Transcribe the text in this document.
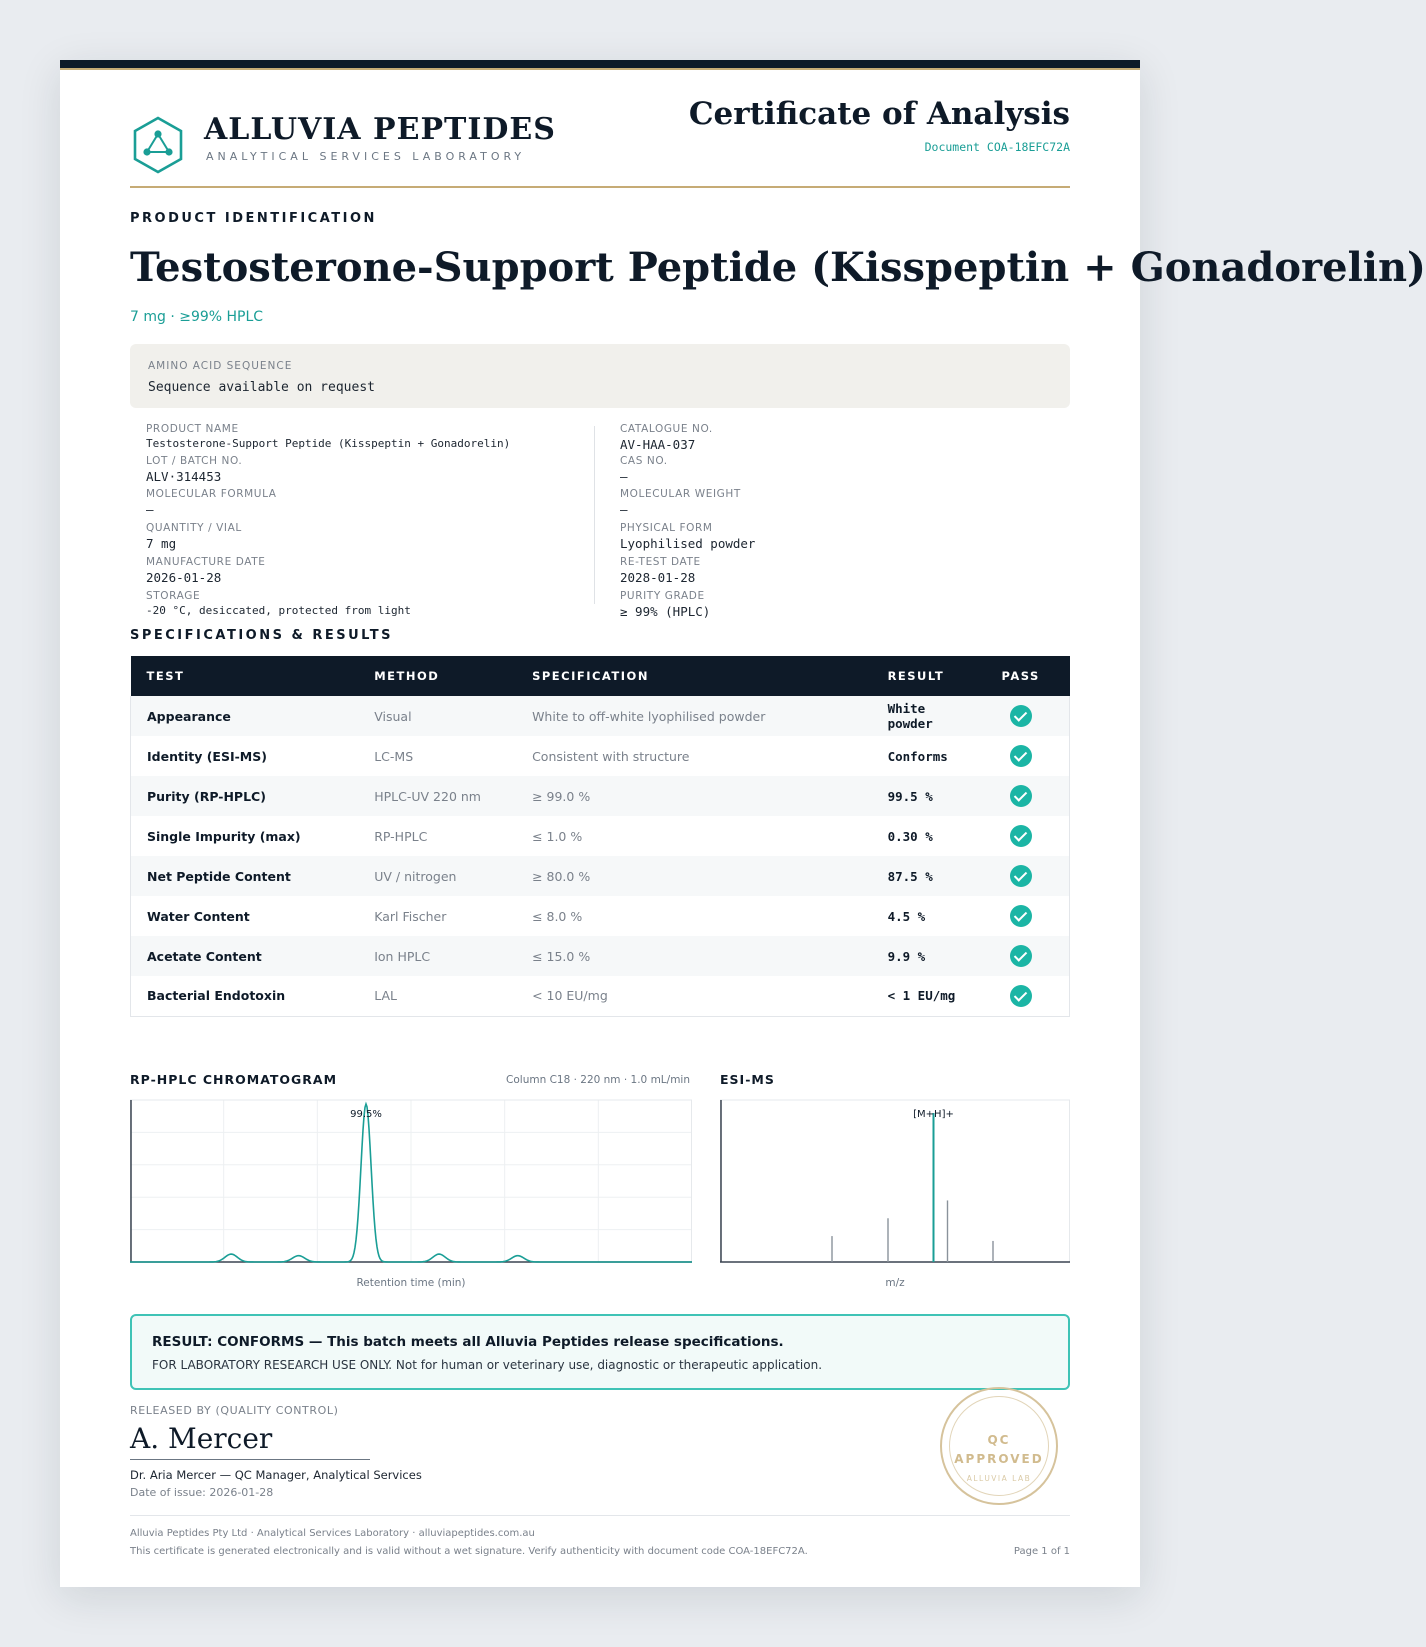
ALLUVIA PEPTIDES
ANALYTICAL SERVICES LABORATORY
Certificate of Analysis
Document COA-18EFC72A
PRODUCT IDENTIFICATION
Testosterone-Support Peptide (Kisspeptin + Gonadorelin)
7 mg · ≥99% HPLC
AMINO ACID SEQUENCE
Sequence available on request
PRODUCT NAME
Testosterone-Support Peptide (Kisspeptin + Gonadorelin)
LOT / BATCH NO.
ALV·314453
MOLECULAR FORMULA
—
QUANTITY / VIAL
7 mg
MANUFACTURE DATE
2026-01-28
STORAGE
-20 °C, desiccated, protected from light
CATALOGUE NO.
AV-HAA-037
CAS NO.
—
MOLECULAR WEIGHT
—
PHYSICAL FORM
Lyophilised powder
RE-TEST DATE
2028-01-28
PURITY GRADE
≥ 99% (HPLC)
SPECIFICATIONS & RESULTS
TEST	METHOD	SPECIFICATION	RESULT	PASS
Appearance	Visual	White to off-white lyophilised powder	White powder	
Identity (ESI-MS)	LC-MS	Consistent with structure	Conforms	
Purity (RP-HPLC)	HPLC-UV 220 nm	≥ 99.0 %	99.5 %	
Single Impurity (max)	RP-HPLC	≤ 1.0 %	0.30 %	
Net Peptide Content	UV / nitrogen	≥ 80.0 %	87.5 %	
Water Content	Karl Fischer	≤ 8.0 %	4.5 %	
Acetate Content	Ion HPLC	≤ 15.0 %	9.9 %	
Bacterial Endotoxin	LAL	< 10 EU/mg	< 1 EU/mg	
RP-HPLC CHROMATOGRAM	Column C18 · 220 nm · 1.0 mL/min
99.5%
Retention time (min)
ESI-MS
[M+H]+
m/z
RESULT: CONFORMS — This batch meets all Alluvia Peptides release specifications.
FOR LABORATORY RESEARCH USE ONLY. Not for human or veterinary use, diagnostic or therapeutic application.
RELEASED BY (QUALITY CONTROL)
A. Mercer
Dr. Aria Mercer — QC Manager, Analytical Services
Date of issue: 2026-01-28
QC
APPROVED
ALLUVIA LAB
Alluvia Peptides Pty Ltd · Analytical Services Laboratory · alluviapeptides.com.au
This certificate is generated electronically and is valid without a wet signature. Verify authenticity with document code COA-18EFC72A.	Page 1 of 1
